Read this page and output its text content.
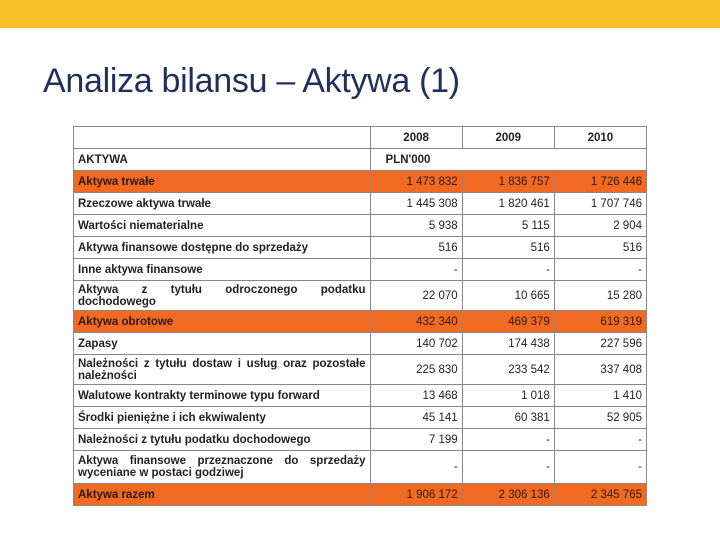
Analiza bilansu – Aktywa (1)
	2008	2009	2010
AKTYWA	PLN'000		
Aktywa trwałe	1 473 832	1 836 757	1 726 446
Rzeczowe aktywa trwałe	1 445 308	1 820 461	1 707 746
Wartości niematerialne	5 938	5 115	2 904
Aktywa finansowe dostępne do sprzedaży	516	516	516
Inne aktywa finansowe	-	-	-
Aktywa z tytułu odroczonego podatku dochodowego	22 070	10 665	15 280
Aktywa obrotowe	432 340	469 379	619 319
Zapasy	140 702	174 438	227 596
Należności z tytułu dostaw i usług oraz pozostałe należności	225 830	233 542	337 408
Walutowe kontrakty terminowe typu forward	13 468	1 018	1 410
Środki pieniężne i ich ekwiwalenty	45 141	60 381	52 905
Należności z tytułu podatku dochodowego	7 199	-	-
Aktywa finansowe przeznaczone do sprzedaży wyceniane w postaci godziwej	-	-	-
Aktywa razem	1 906 172	2 306 136	2 345 765
